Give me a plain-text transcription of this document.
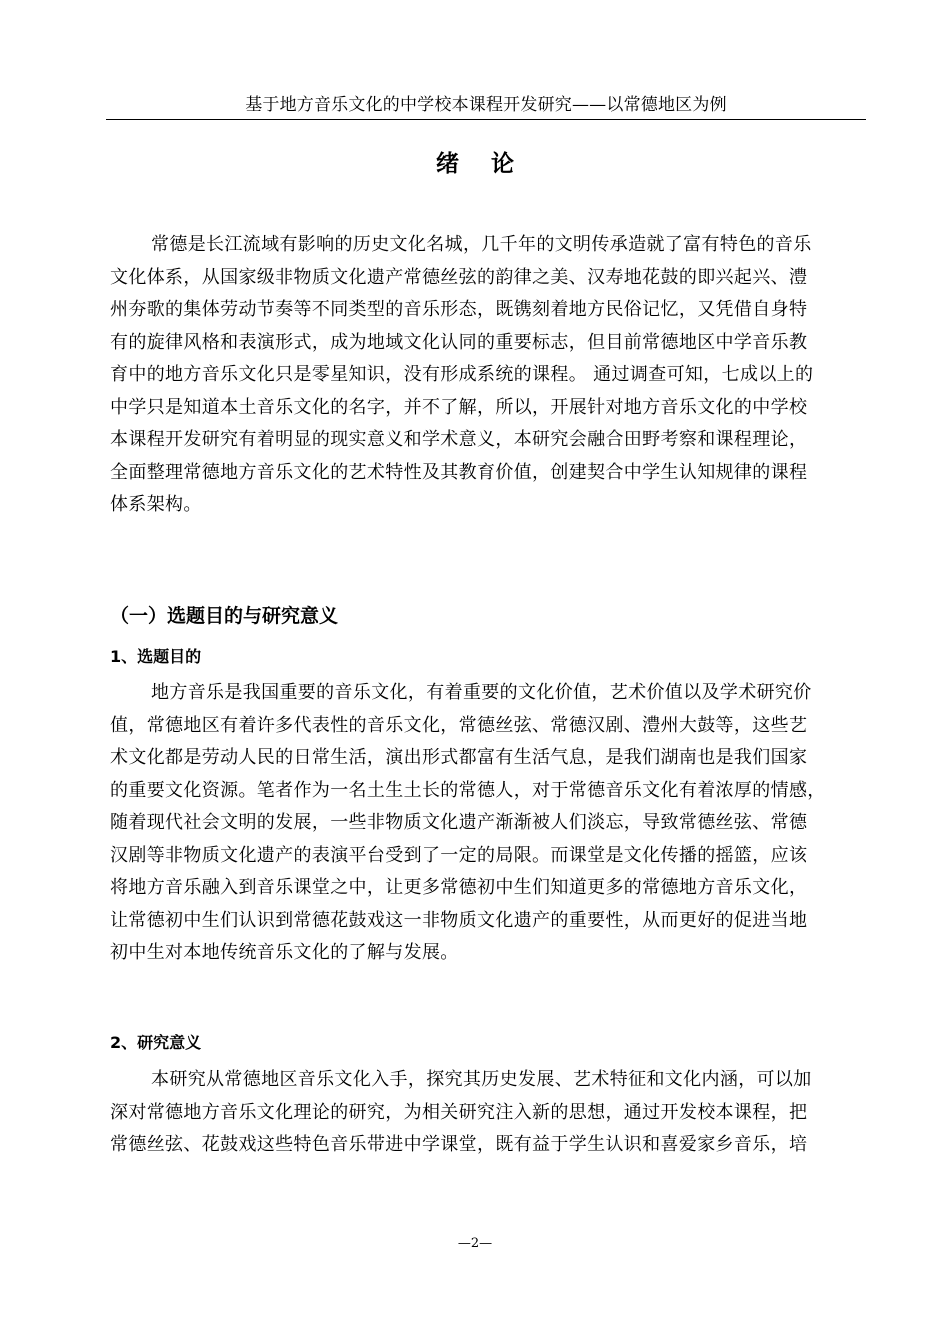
基于地方音乐文化的中学校本课程开发研究——以常德地区为例
绪    论
常德是长江流域有影响的历史文化名城，几千年的文明传承造就了富有特色的音乐
文化体系，从国家级非物质文化遗产常德丝弦的韵律之美、汉寿地花鼓的即兴起兴、澧
州夯歌的集体劳动节奏等不同类型的音乐形态，既镌刻着地方民俗记忆，又凭借自身特
有的旋律风格和表演形式，成为地域文化认同的重要标志，但目前常德地区中学音乐教
育中的地方音乐文化只是零星知识，没有形成系统的课程。 通过调查可知，七成以上的
中学只是知道本土音乐文化的名字，并不了解，所以，开展针对地方音乐文化的中学校
本课程开发研究有着明显的现实意义和学术意义，本研究会融合田野考察和课程理论，
全面整理常德地方音乐文化的艺术特性及其教育价值，创建契合中学生认知规律的课程
体系架构。
（一）选题目的与研究意义
1、选题目的
地方音乐是我国重要的音乐文化，有着重要的文化价值，艺术价值以及学术研究价
值，常德地区有着许多代表性的音乐文化，常德丝弦、常德汉剧、澧州大鼓等，这些艺
术文化都是劳动人民的日常生活，演出形式都富有生活气息，是我们湖南也是我们国家
的重要文化资源。笔者作为一名土生土长的常德人，对于常德音乐文化有着浓厚的情感，
随着现代社会文明的发展，一些非物质文化遗产渐渐被人们淡忘，导致常德丝弦、常德
汉剧等非物质文化遗产的表演平台受到了一定的局限。而课堂是文化传播的摇篮，应该
将地方音乐融入到音乐课堂之中，让更多常德初中生们知道更多的常德地方音乐文化，
让常德初中生们认识到常德花鼓戏这一非物质文化遗产的重要性，从而更好的促进当地
初中生对本地传统音乐文化的了解与发展。
2、研究意义
本研究从常德地区音乐文化入手，探究其历史发展、艺术特征和文化内涵，可以加
深对常德地方音乐文化理论的研究，为相关研究注入新的思想，通过开发校本课程，把
常德丝弦、花鼓戏这些特色音乐带进中学课堂，既有益于学生认识和喜爱家乡音乐，培
—2—
